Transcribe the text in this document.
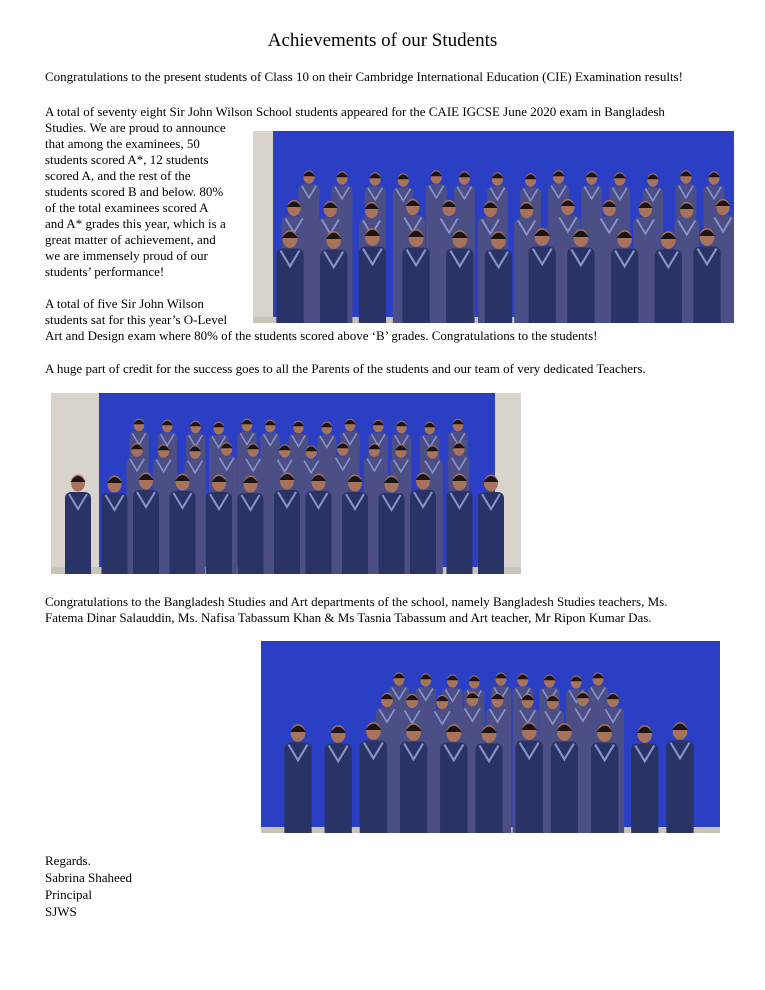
Achievements of our Students
Congratulations to the present students of Class 10 on their Cambridge International Education (CIE) Examination results!
A total of seventy eight Sir John Wilson School students appeared for the CAIE IGCSE June 2020 exam in Bangladesh
Studies. We are proud to announce
that among the examinees, 50
students scored A*, 12 students
scored A, and the rest of the
students scored B and below. 80%
of the total examinees scored A
and A* grades this year, which is a
great matter of achievement, and
we are immensely proud of our
students’ performance!
A total of five Sir John Wilson
students sat for this year’s O-Level
Art and Design exam where 80% of the students scored above ‘B’ grades. Congratulations to the students!
A huge part of credit for the success goes to all the Parents of the students and our team of very dedicated Teachers.
Congratulations to the Bangladesh Studies and Art departments of the school, namely Bangladesh Studies teachers, Ms.
Fatema Dinar Salauddin, Ms. Nafisa Tabassum Khan & Ms Tasnia Tabassum and Art teacher, Mr Ripon Kumar Das.
Regards.
Sabrina Shaheed
Principal
SJWS
